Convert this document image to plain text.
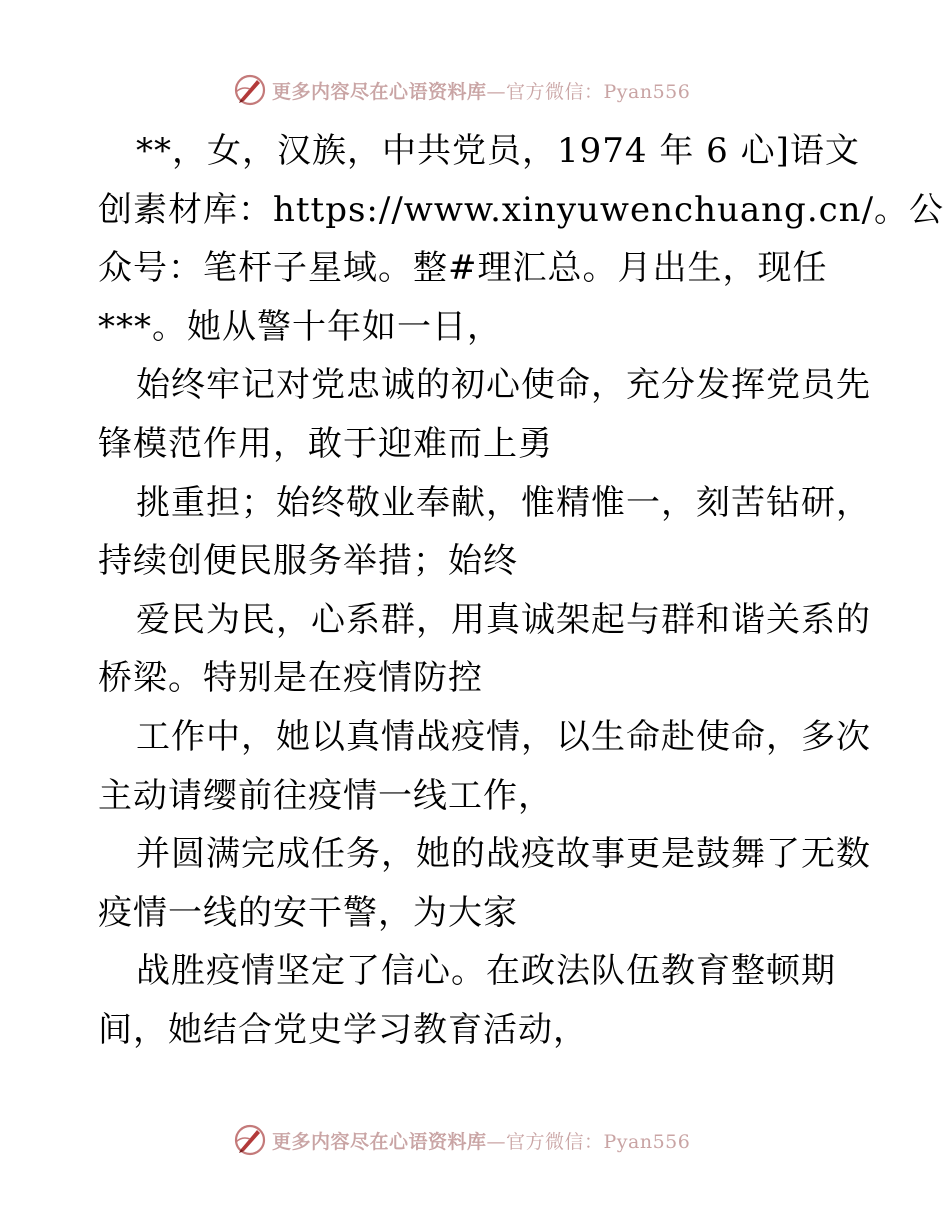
更多内容尽在心语资料库—官方微信：Pyan556
**，女，汉族，中共党员，1974 年 6 心]语文
创素材库：https://www.xinyuwenchuang.cn/。公
众号：笔杆子星域。整#理汇总。月出生，现任
***。她从警十年如一日，
始终牢记对党忠诚的初心使命，充分发挥党员先
锋模范作用，敢于迎难而上勇
挑重担；始终敬业奉献，惟精惟一，刻苦钻研，
持续创便民服务举措；始终
爱民为民，心系群，用真诚架起与群和谐关系的
桥梁。特别是在疫情防控
工作中，她以真情战疫情，以生命赴使命，多次
主动请缨前往疫情一线工作，
并圆满完成任务，她的战疫故事更是鼓舞了无数
疫情一线的安干警，为大家
战胜疫情坚定了信心。在政法队伍教育整顿期
间，她结合党史学习教育活动，
更多内容尽在心语资料库—官方微信：Pyan556
